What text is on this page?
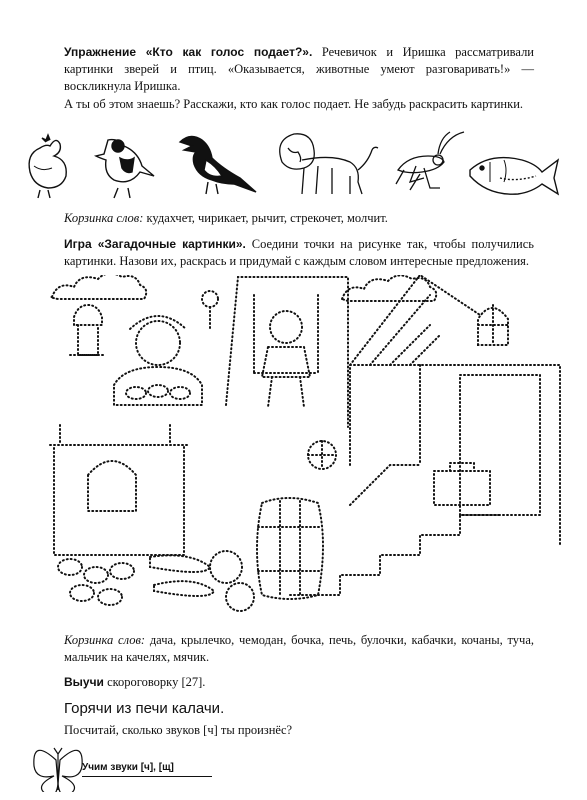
Упражнение «Кто как голос подает?». Речевичок и Иришка рассматривали картинки зверей и птиц. «Оказывается, животные умеют разговаривать!» — воскликнула Иришка.
А ты об этом знаешь? Расскажи, кто как голос подает. Не забудь раскрасить картинки.
Корзинка слов: кудахчет, чирикает, рычит, стрекочет, молчит.
Игра «Загадочные картинки». Соедини точки на рисунке так, чтобы получились картинки. Назови их, раскрась и придумай с каждым словом интересные предложения.
Корзинка слов: дача, крылечко, чемодан, бочка, печь, булочки, кабачки, кочаны, туча, мальчик на качелях, мячик.
Выучи скороговорку [27].
Горячи из печи калачи.
Посчитай, сколько звуков [ч] ты произнёс?
Учим звуки [ч], [щ]
